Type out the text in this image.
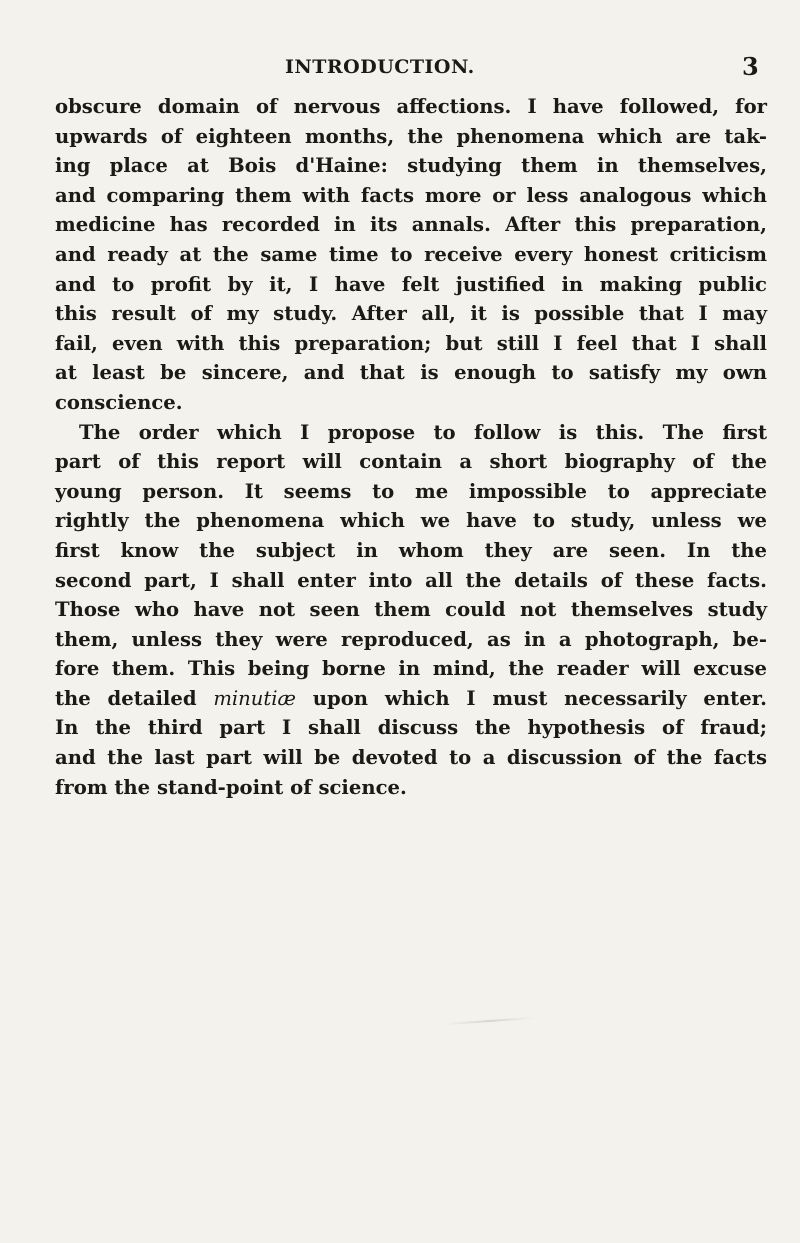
INTRODUCTION.	3
obscure domain of nervous affections. I have followed, for
upwards of eighteen months, the phenomena which are tak-
ing place at Bois d'Haine: studying them in themselves,
and comparing them with facts more or less analogous which
medicine has recorded in its annals. After this preparation,
and ready at the same time to receive every honest criticism
and to profit by it, I have felt justified in making public
this result of my study. After all, it is possible that I may
fail, even with this preparation; but still I feel that I shall
at least be sincere, and that is enough to satisfy my own
conscience.
The order which I propose to follow is this. The first
part of this report will contain a short biography of the
young person. It seems to me impossible to appreciate
rightly the phenomena which we have to study, unless we
first know the subject in whom they are seen. In the
second part, I shall enter into all the details of these facts.
Those who have not seen them could not themselves study
them, unless they were reproduced, as in a photograph, be-
fore them. This being borne in mind, the reader will excuse
the detailed minutiæ upon which I must necessarily enter.
In the third part I shall discuss the hypothesis of fraud;
and the last part will be devoted to a discussion of the facts
from the stand-point of science.
